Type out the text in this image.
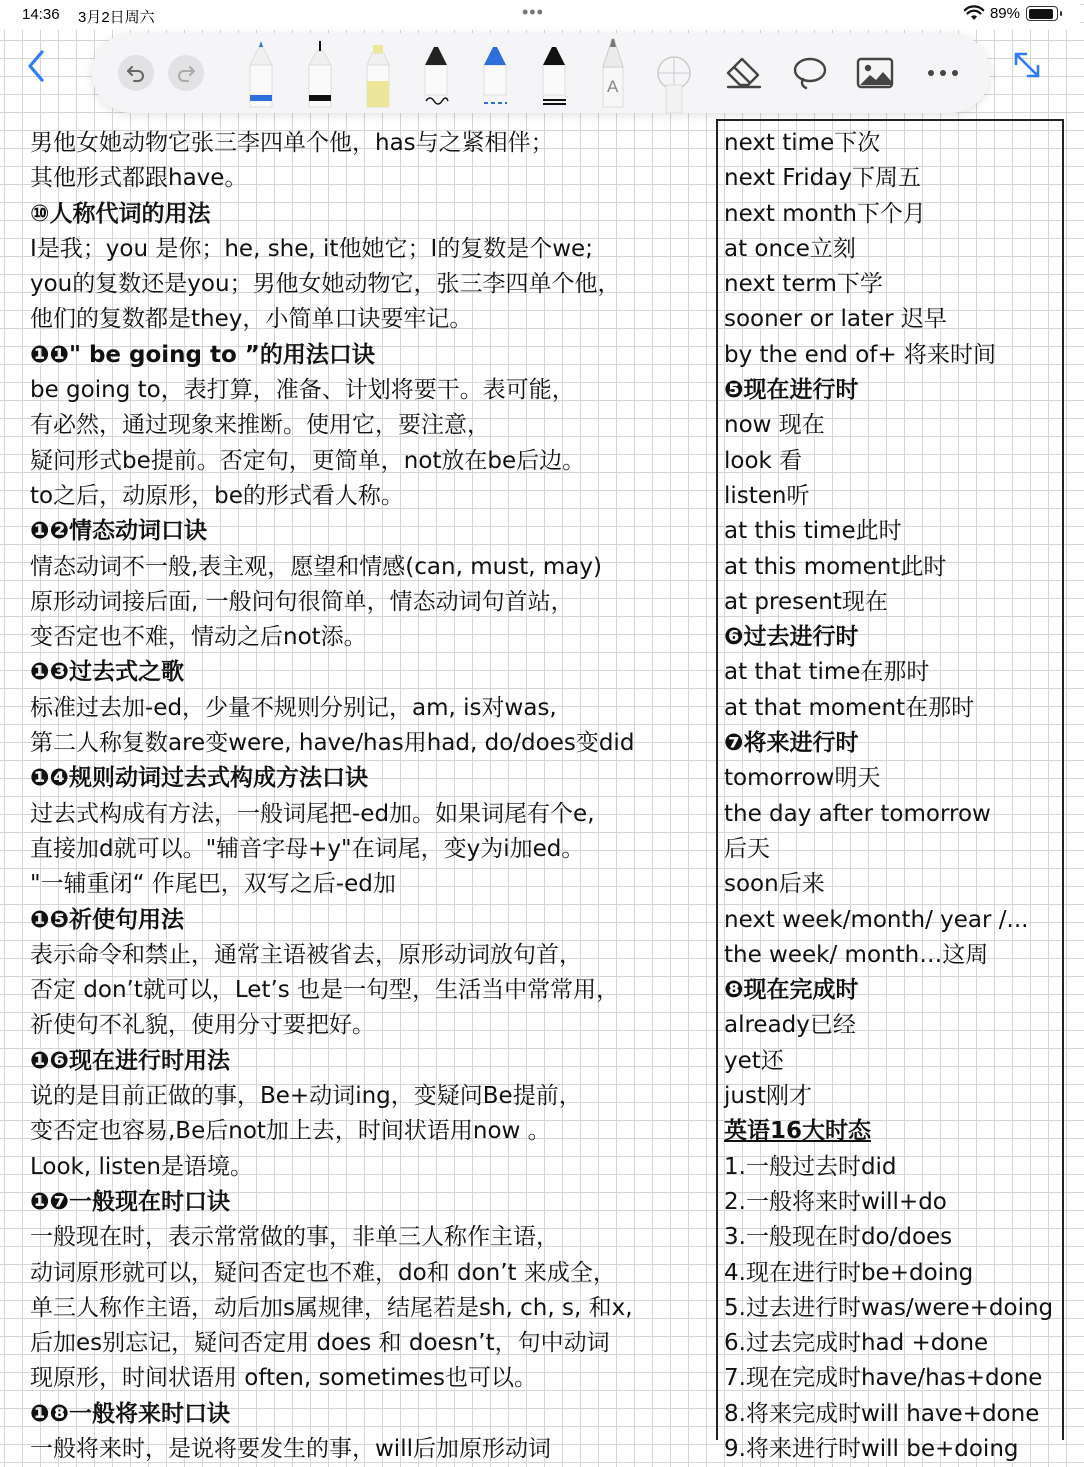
14:36 3月2日周六	•••	89%
A
男他女她动物它张三李四单个他，has与之紧相伴；
其他形式都跟have。
⑩人称代词的用法
I是我；you 是你；he, she, it他她它；I的复数是个we;
you的复数还是you；男他女她动物它，张三李四单个他，
他们的复数都是they，小简单口诀要牢记。
❶❶" be going to ”的用法口诀
be going to，表打算，准备、计划将要干。表可能，
有必然，通过现象来推断。使用它，要注意，
疑问形式be提前。否定句，更简单，not放在be后边。
to之后，动原形，be的形式看人称。
❶❷情态动词口诀
情态动词不一般,表主观，愿望和情感(can, must, may)
原形动词接后面, 一般问句很简单，情态动词句首站，
变否定也不难，情动之后not添。
❶❸过去式之歌
标准过去加-ed，少量不规则分别记，am, is对was,
第二人称复数are变were, have/has用had, do/does变did
❶❹规则动词过去式构成方法口诀
过去式构成有方法，一般词尾把-ed加。如果词尾有个e,
直接加d就可以。"辅音字母+y"在词尾，变y为i加ed。
"一辅重闭“ 作尾巴，双写之后-ed加
❶❺祈使句用法
表示命令和禁止，通常主语被省去，原形动词放句首，
否定 don’t就可以，Let’s 也是一句型，生活当中常常用，
祈使句不礼貌，使用分寸要把好。
❶❻现在进行时用法
说的是目前正做的事，Be+动词ing，变疑问Be提前，
变否定也容易,Be后not加上去，时间状语用now 。
Look, listen是语境。
❶❼一般现在时口诀
一般现在时，表示常常做的事，非单三人称作主语，
动词原形就可以，疑问否定也不难，do和 don’t 来成全，
单三人称作主语，动后加s属规律，结尾若是sh, ch, s, 和x,
后加es别忘记，疑问否定用 does 和 doesn’t，句中动词
现原形，时间状语用 often, sometimes也可以。
❶❽一般将来时口诀
一般将来时，是说将要发生的事，will后加原形动词
next time下次
next Friday下周五
next month下个月
at once立刻
next term下学
sooner or later 迟早
by the end of+ 将来时间
❺现在进行时
now 现在
look 看
listen听
at this time此时
at this moment此时
at present现在
❻过去进行时
at that time在那时
at that moment在那时
❼将来进行时
tomorrow明天
the day after tomorrow
后天
soon后来
next week/month/ year /...
the week/ month…这周
❽现在完成时
already已经
yet还
just刚才
英语16大时态
1.一般过去时did
2.一般将来时will+do
3.一般现在时do/does
4.现在进行时be+doing
5.过去进行时was/were+doing
6.过去完成时had +done
7.现在完成时have/has+done
8.将来完成时will have+done
9.将来进行时will be+doing
